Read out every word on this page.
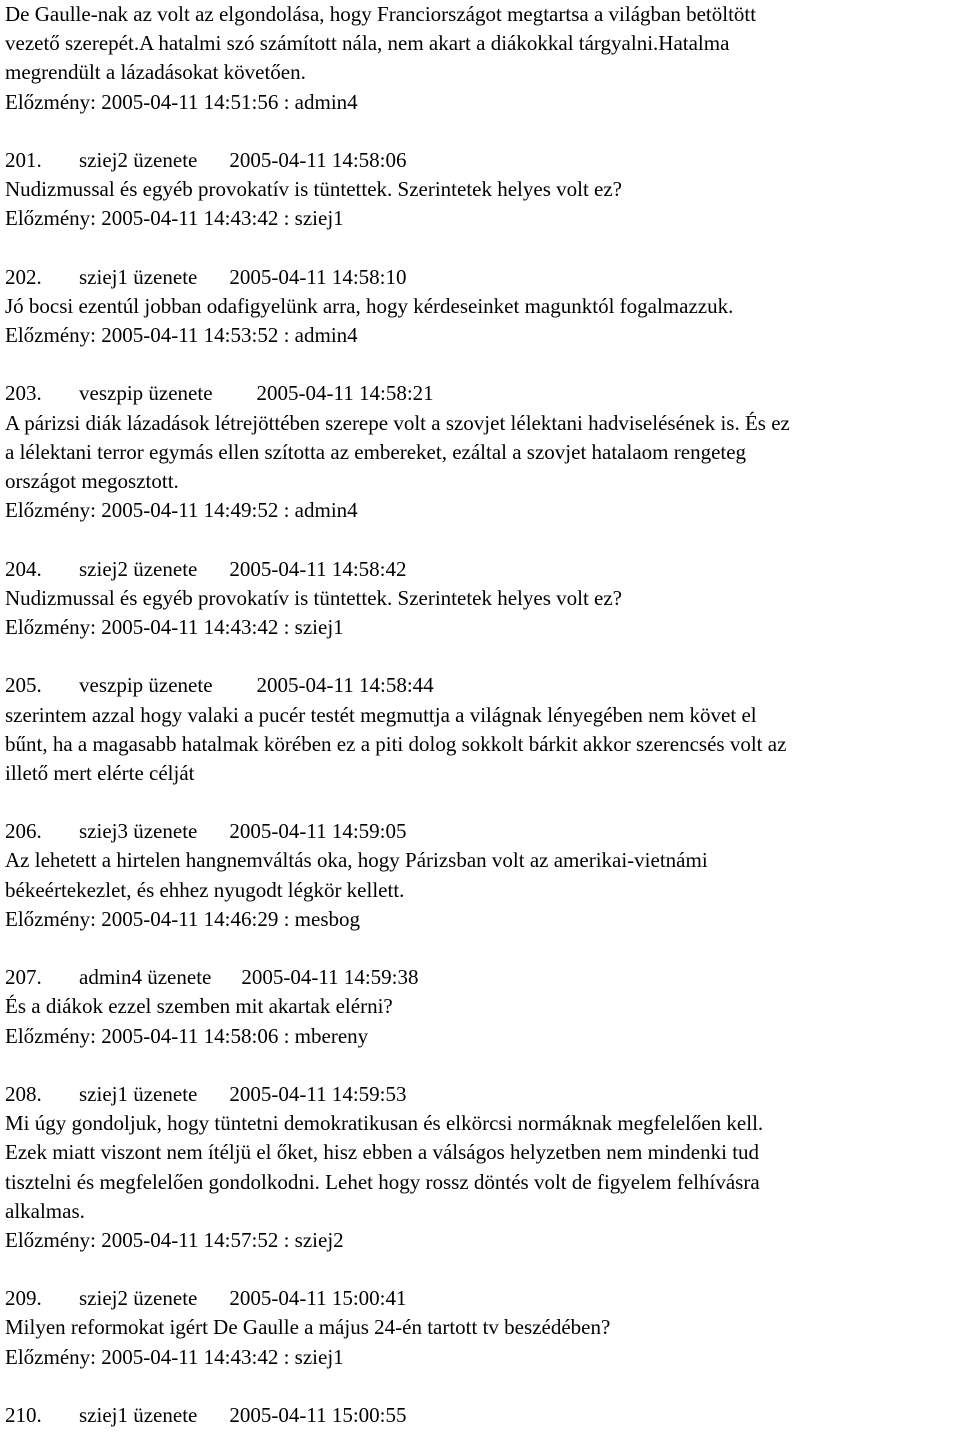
De Gaulle-nak az volt az elgondolása, hogy Franciországot megtartsa a világban betöltött
vezető szerepét.A hatalmi szó számított nála, nem akart a diákokkal tárgyalni.Hatalma
megrendült a lázadásokat követően.
Előzmény: 2005-04-11 14:51:56 : admin4
201. sziej2 üzenete 2005-04-11 14:58:06
Nudizmussal és egyéb provokatív is tüntettek. Szerintetek helyes volt ez?
Előzmény: 2005-04-11 14:43:42 : sziej1
202. sziej1 üzenete 2005-04-11 14:58:10
Jó bocsi ezentúl jobban odafigyelünk arra, hogy kérdeseinket magunktól fogalmazzuk.
Előzmény: 2005-04-11 14:53:52 : admin4
203. veszpip üzenete 2005-04-11 14:58:21
A párizsi diák lázadások létrejöttében szerepe volt a szovjet lélektani hadviselésének is. És ez
a lélektani terror egymás ellen szította az embereket, ezáltal a szovjet hatalaom rengeteg
országot megosztott.
Előzmény: 2005-04-11 14:49:52 : admin4
204. sziej2 üzenete 2005-04-11 14:58:42
Nudizmussal és egyéb provokatív is tüntettek. Szerintetek helyes volt ez?
Előzmény: 2005-04-11 14:43:42 : sziej1
205. veszpip üzenete 2005-04-11 14:58:44
szerintem azzal hogy valaki a pucér testét megmuttja a világnak lényegében nem követ el
bűnt, ha a magasabb hatalmak körében ez a piti dolog sokkolt bárkit akkor szerencsés volt az
illető mert elérte célját
206. sziej3 üzenete 2005-04-11 14:59:05
Az lehetett a hirtelen hangnemváltás oka, hogy Párizsban volt az amerikai-vietnámi
békeértekezlet, és ehhez nyugodt légkör kellett.
Előzmény: 2005-04-11 14:46:29 : mesbog
207. admin4 üzenete 2005-04-11 14:59:38
És a diákok ezzel szemben mit akartak elérni?
Előzmény: 2005-04-11 14:58:06 : mbereny
208. sziej1 üzenete 2005-04-11 14:59:53
Mi úgy gondoljuk, hogy tüntetni demokratikusan és elkörcsi normáknak megfelelően kell.
Ezek miatt viszont nem ítéljü el őket, hisz ebben a válságos helyzetben nem mindenki tud
tisztelni és megfelelően gondolkodni. Lehet hogy rossz döntés volt de figyelem felhívásra
alkalmas.
Előzmény: 2005-04-11 14:57:52 : sziej2
209. sziej2 üzenete 2005-04-11 15:00:41
Milyen reformokat igért De Gaulle a május 24-én tartott tv beszédében?
Előzmény: 2005-04-11 14:43:42 : sziej1
210. sziej1 üzenete 2005-04-11 15:00:55
